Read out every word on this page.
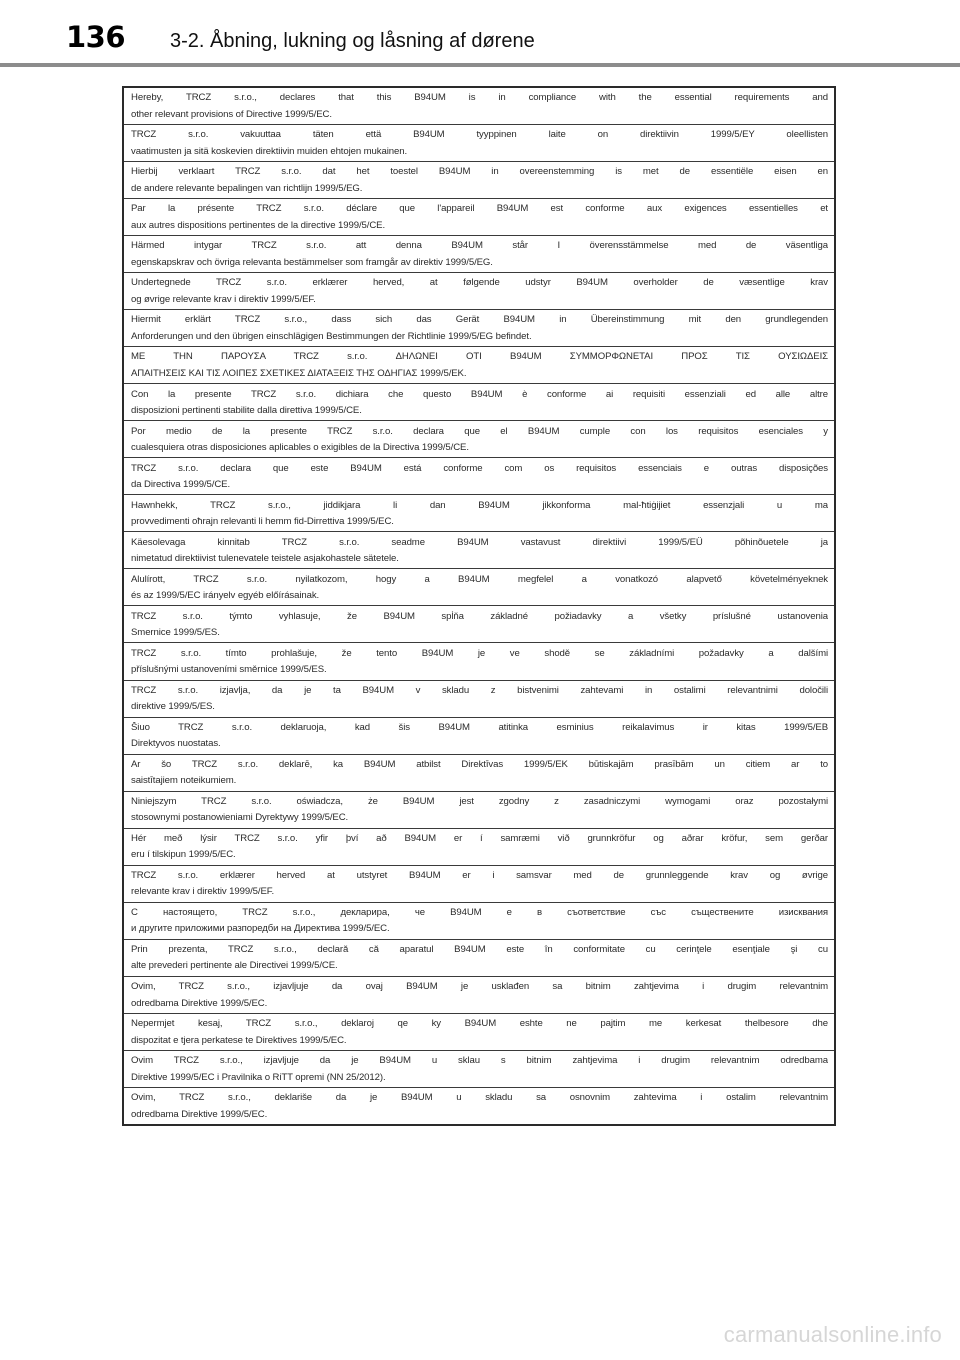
136 3-2. Åbning, lukning og låsning af dørene
Hereby, TRCZ s.r.o., declares that this B94UM is in compliance with the essential requirements and
other relevant provisions of Directive 1999/5/EC.
TRCZ s.r.o. vakuuttaa täten että B94UM tyyppinen laite on direktiivin 1999/5/EY oleellisten
vaatimusten ja sitä koskevien direktiivin muiden ehtojen mukainen.
Hierbij verklaart TRCZ s.r.o. dat het toestel B94UM in overeenstemming is met de essentiële eisen en
de andere relevante bepalingen van richtlijn 1999/5/EG.
Par la présente TRCZ s.r.o. déclare que l'appareil B94UM est conforme aux exigences essentielles et
aux autres dispositions pertinentes de la directive 1999/5/CE.
Härmed intygar TRCZ s.r.o. att denna B94UM står I överensstämmelse med de väsentliga
egenskapskrav och övriga relevanta bestämmelser som framgår av direktiv 1999/5/EG.
Undertegnede TRCZ s.r.o. erklærer herved, at følgende udstyr B94UM overholder de væsentlige krav
og øvrige relevante krav i direktiv 1999/5/EF.
Hiermit erklärt TRCZ s.r.o., dass sich das Gerät B94UM in Übereinstimmung mit den grundlegenden
Anforderungen und den übrigen einschlägigen Bestimmungen der Richtlinie 1999/5/EG befindet.
ΜΕ ΤΗΝ ΠΑΡΟΥΣΑ TRCZ s.r.o. ΔΗΛΩΝΕΙ ΟΤΙ B94UM ΣΥΜΜΟΡΦΩΝΕΤΑΙ ΠΡΟΣ ΤΙΣ ΟΥΣΙΩΔΕΙΣ
ΑΠΑΙΤΗΣΕΙΣ ΚΑΙ ΤΙΣ ΛΟΙΠΕΣ ΣΧΕΤΙΚΕΣ ΔΙΑΤΑΞΕΙΣ ΤΗΣ ΟΔΗΓΙΑΣ 1999/5/ΕΚ.
Con la presente TRCZ s.r.o. dichiara che questo B94UM è conforme ai requisiti essenziali ed alle altre
disposizioni pertinenti stabilite dalla direttiva 1999/5/CE.
Por medio de la presente TRCZ s.r.o. declara que el B94UM cumple con los requisitos esenciales y
cualesquiera otras disposiciones aplicables o exigibles de la Directiva 1999/5/CE.
TRCZ s.r.o. declara que este B94UM está conforme com os requisitos essenciais e outras disposições
da Directiva 1999/5/CE.
Hawnhekk, TRCZ s.r.o., jiddikjara li dan B94UM jikkonforma mal-ħtiġijiet essenzjali u ma
provvedimenti oħrajn relevanti li hemm fid-Dirrettiva 1999/5/EC.
Käesolevaga kinnitab TRCZ s.r.o. seadme B94UM vastavust direktiivi 1999/5/EÜ põhinõuetele ja
nimetatud direktiivist tulenevatele teistele asjakohastele sätetele.
Alulírott, TRCZ s.r.o. nyilatkozom, hogy a B94UM megfelel a vonatkozó alapvető követelményeknek
és az 1999/5/EC irányelv egyéb előírásainak.
TRCZ s.r.o. týmto vyhlasuje, že B94UM spĺňa základné požiadavky a všetky príslušné ustanovenia
Smernice 1999/5/ES.
TRCZ s.r.o. tímto prohlašuje, že tento B94UM je ve shodě se základními požadavky a dalšími
příslušnými ustanoveními směrnice 1999/5/ES.
TRCZ s.r.o. izjavlja, da je ta B94UM v skladu z bistvenimi zahtevami in ostalimi relevantnimi določili
direktive 1999/5/ES.
Šiuo TRCZ s.r.o. deklaruoja, kad šis B94UM atitinka esminius reikalavimus ir kitas 1999/5/EB
Direktyvos nuostatas.
Ar šo TRCZ s.r.o. deklarē, ka B94UM atbilst Direktīvas 1999/5/EK būtiskajām prasībām un citiem ar to
saistītajiem noteikumiem.
Niniejszym TRCZ s.r.o. oświadcza, że B94UM jest zgodny z zasadniczymi wymogami oraz pozostałymi
stosownymi postanowieniami Dyrektywy 1999/5/EC.
Hér með lýsir TRCZ s.r.o. yfir því að B94UM er í samræmi við grunnkröfur og aðrar kröfur, sem gerðar
eru í tilskipun 1999/5/EC.
TRCZ s.r.o. erklærer herved at utstyret B94UM er i samsvar med de grunnleggende krav og øvrige
relevante krav i direktiv 1999/5/EF.
С настоящето, TRCZ s.r.o., декларира, че B94UM е в съответствие със съществените изисквания
и другите приложими разпоредби на Директива 1999/5/ЕС.
Prin prezenta, TRCZ s.r.o., declară că aparatul B94UM este în conformitate cu cerinţele esenţiale şi cu
alte prevederi pertinente ale Directivei 1999/5/CE.
Ovim, TRCZ s.r.o., izjavljuje da ovaj B94UM je usklađen sa bitnim zahtjevima i drugim relevantnim
odredbama Direktive 1999/5/EC.
Nepermjet kesaj, TRCZ s.r.o., deklaroj qe ky B94UM eshte ne pajtim me kerkesat thelbesore dhe
dispozitat e tjera perkatese te Direktives 1999/5/EC.
Ovim TRCZ s.r.o., izjavljuje da je B94UM u sklau s bitnim zahtjevima i drugim relevantnim odredbama
Direktive 1999/5/EC i Pravilnika o RiTT opremi (NN 25/2012).
Ovim, TRCZ s.r.o., deklariše da je B94UM u skladu sa osnovnim zahtevima i ostalim relevantnim
odredbama Direktive 1999/5/EC.
carmanualsonline.info
